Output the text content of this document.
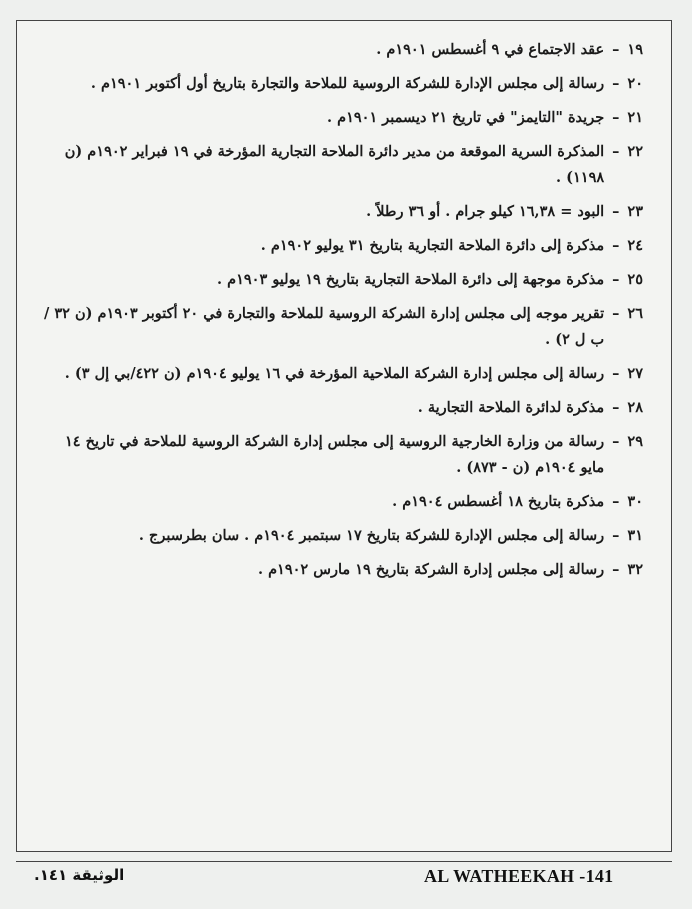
١٩
–
عقد الاجتماع في ٩ أغسطس ١٩٠١م .
٢٠
–
رسالة إلى مجلس الإدارة للشركة الروسية للملاحة والتجارة بتاريخ أول أكتوبر ١٩٠١م .
٢١
–
جريدة "التايمز" في تاريخ ٢١ ديسمبر ١٩٠١م .
٢٢
–
المذكرة السرية الموقعة من مدير دائرة الملاحة التجارية المؤرخة في ١٩ فبراير ١٩٠٢م (ن ١١٩٨) .
٢٣
–
البود = ١٦,٣٨ كيلو جرام . أو ٣٦ رطلاً .
٢٤
–
مذكرة إلى دائرة الملاحة التجارية بتاريخ ٣١ يوليو ١٩٠٢م .
٢٥
–
مذكرة موجهة إلى دائرة الملاحة التجارية بتاريخ ١٩ يوليو ١٩٠٣م .
٢٦
–
تقرير موجه إلى مجلس إدارة الشركة الروسية للملاحة والتجارة في ٢٠ أكتوبر ١٩٠٣م (ن ٣٢ /ب ل ٢) .
٢٧
–
رسالة إلى مجلس إدارة الشركة الملاحية المؤرخة في ١٦ يوليو ١٩٠٤م (ن ٤٢٢/بي إل ٣) .
٢٨
–
مذكرة لدائرة الملاحة التجارية .
٢٩
–
رسالة من وزارة الخارجية الروسية إلى مجلس إدارة الشركة الروسية للملاحة في تاريخ ١٤ مايو ١٩٠٤م (ن - ٨٧٣) .
٣٠
–
مذكرة بتاريخ ١٨ أغسطس ١٩٠٤م .
٣١
–
رسالة إلى مجلس الإدارة للشركة بتاريخ ١٧ سبتمبر ١٩٠٤م . سان بطرسبرج .
٣٢
–
رسالة إلى مجلس إدارة الشركة بتاريخ ١٩ مارس ١٩٠٢م .
AL WATHEEKAH -141
الوثيقة ١٤١.
